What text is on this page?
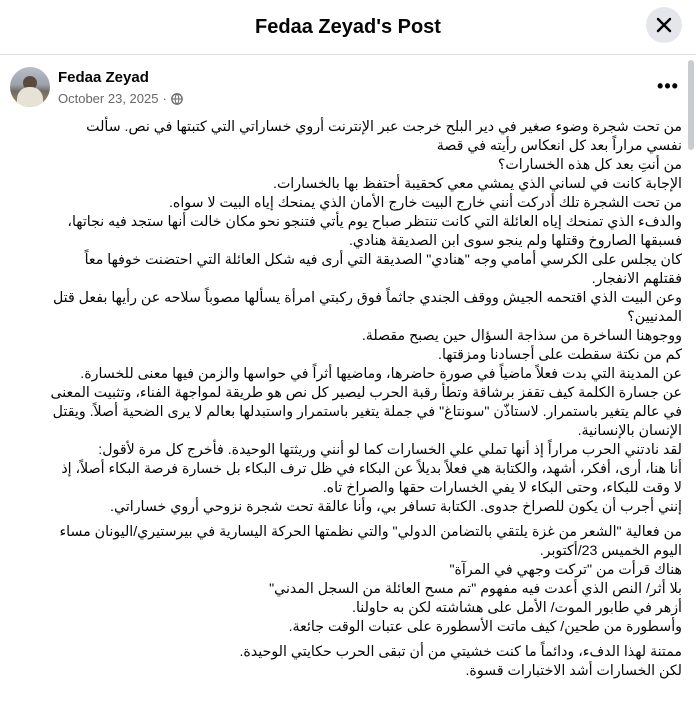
Fedaa Zeyad's Post
Fedaa Zeyad
October 23, 2025 ·
•••

من تحت شجرة وضوء صغير في دير البلح خرجت عبر الإنترنت أروي خساراتي التي كتبتها في نص. سألت نفسي مراراً بعد كل انعكاس رأيته في قصة

من أنتِ بعد كل هذه الخسارات؟

الإجابة كانت في لساني الذي يمشي معي كحقيبة أحتفظ بها بالخسارات.

من تحت الشجرة تلك أدركت أنني خارج البيت خارج الأمان الذي يمنحك إياه البيت لا سواه.

والدفء الذي تمنحك إياه العائلة التي كانت تنتظر صباح يوم يأتي فتنجو نحو مكان خالت أنها ستجد فيه نجاتها، فسبقها الصاروخ وقتلها ولم ينجو سوى ابن الصديقة هنادي.

كان يجلس على الكرسي أمامي وجه "هنادي" الصديقة التي أرى فيه شكل العائلة التي احتضنت خوفها معاً فقتلهم الانفجار.

وعن البيت الذي اقتحمه الجيش ووقف الجندي جاثماً فوق ركبتي امرأة يسألها مصوباً سلاحه عن رأيها بفعل قتل المدنيين؟

ووجوهنا الساخرة من سذاجة السؤال حين يصبح مقصلة.

كم من نكتة سقطت على أجسادنا ومزقتها.

عن المدينة التي بدت فعلاً ماضياً في صورة حاضرها، وماضيها أثراً في حواسها والزمن فيها معنى للخسارة.

عن جسارة الكلمة كيف تقفز برشاقة وتطأ رقبة الحرب ليصير كل نص هو طريقة لمواجهة الفناء، وتثبيت المعنى في عالم يتغير باستمرار. لاستاذّن "سونتاغ" في جملة يتغير باستمرار واستبدلها بعالم لا يرى الضحية أصلاً. ويقتل الإنسان بالإنسانية.

لقد نادتني الحرب مراراً إذ أنها تملي علي الخسارات كما لو أنني وريثتها الوحيدة. فأخرج كل مرة لأقول:

أنا هنا، أرى، أفكر، أشهد، والكتابة هي فعلاً بديلاً عن البكاء في ظل ترف البكاء بل خسارة فرصة البكاء أصلاً، إذ لا وقت للبكاء، وحتى البكاء لا يفي الخسارات حقها والصراخ تاه.

إنني أجرب أن يكون للصراخ جدوى. الكتابة تسافر بي، وأنا عالقة تحت شجرة نزوحي أروي خساراتي.

من فعالية "الشعر من غزة يلتقي بالتضامن الدولي" والتي نظمتها الحركة اليسارية في بيرستيري/اليونان مساء اليوم الخميس 23/أكتوبر.

هناك قرأت من "تركت وجهي في المرآة"

بلا أثر/ النص الذي أعدت فيه مفهوم "تم مسح العائلة من السجل المدني"

أزهر في طابور الموت/ الأمل على هشاشته لكن به حاولنا.

وأسطورة من طحين/ كيف ماتت الأسطورة على عتبات الوقت جائعة.

ممتنة لهذا الدفء، ودائماً ما كنت خشيتي من أن تبقى الحرب حكايتي الوحيدة.

لكن الخسارات أشد الاختبارات قسوة.
